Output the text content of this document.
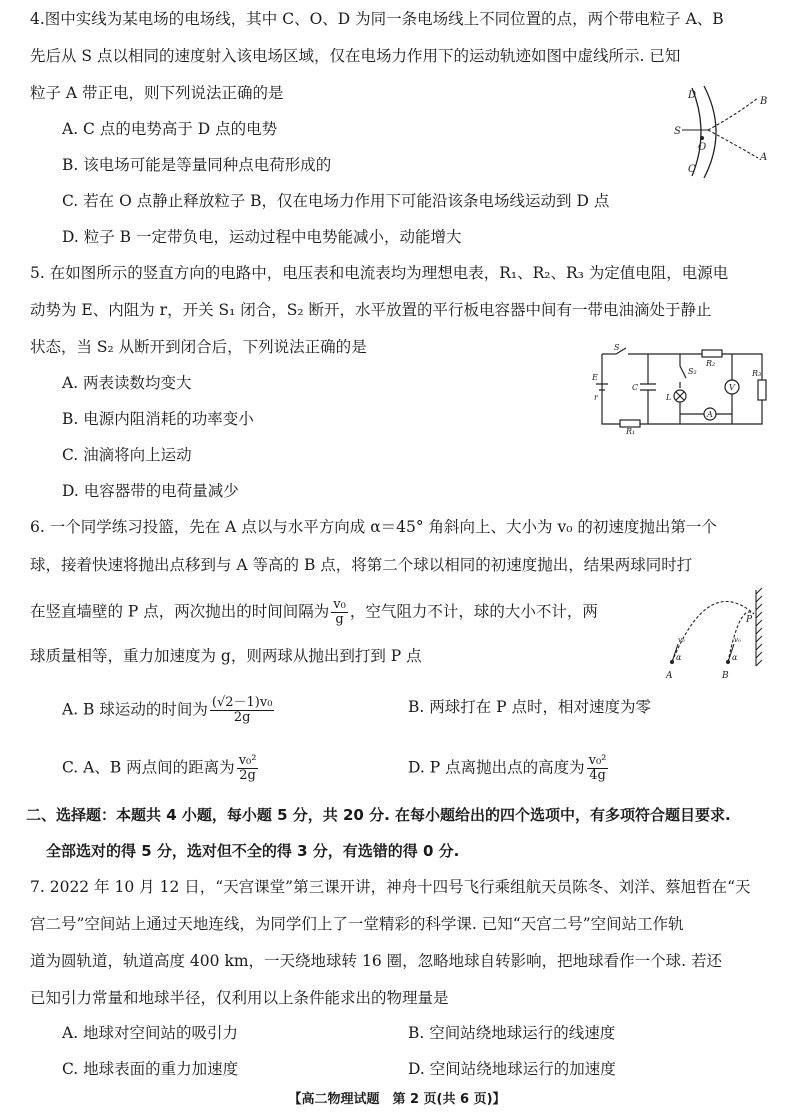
4.图中实线为某电场的电场线，其中 C、O、D 为同一条电场线上不同位置的点，两个带电粒子 A、B
先后从 S 点以相同的速度射入该电场区域，仅在电场力作用下的运动轨迹如图中虚线所示. 已知
粒子 A 带正电，则下列说法正确的是
A. C 点的电势高于 D 点的电势
B. 该电场可能是等量同种点电荷形成的
C. 若在 O 点静止释放粒子 B，仅在电场力作用下可能沿该条电场线运动到 D 点
D. 粒子 B 一定带负电，运动过程中电势能减小，动能增大
D
S
O
C
B
A
5. 在如图所示的竖直方向的电路中，电压表和电流表均为理想电表，R₁、R₂、R₃ 为定值电阻，电源电
动势为 E、内阻为 r，开关 S₁ 闭合，S₂ 断开，水平放置的平行板电容器中间有一带电油滴处于静止
状态，当 S₂ 从断开到闭合后，下列说法正确的是
A. 两表读数均变大
B. 电源内阻消耗的功率变小
C. 油滴将向上运动
D. 电容器带的电荷量减少
S
E
r
C
S₂
L
R₁
R₂
R₃
V
A
6. 一个同学练习投篮，先在 A 点以与水平方向成 α＝45° 角斜向上、大小为 v₀ 的初速度抛出第一个
球，接着快速将抛出点移到与 A 等高的 B 点，将第二个球以相同的初速度抛出，结果两球同时打
在竖直墙壁的 P 点，两次抛出的时间间隔为 $\frac{\text{v₀}}{g}$ ，空气阻力不计，球的大小不计，两
球质量相等，重力加速度为 g，则两球从抛出到打到 P 点
A. B 球运动的时间为 $\frac{\text{(√2－1)v₀}}{2g}$	B. 两球打在 P 点时，相对速度为零
C. A、B 两点间的距离为 $\frac{\text{v₀²}}{2g}$	D. P 点离抛出点的高度为 $\frac{\text{v₀²}}{4g}$
A	B
P
α	α
v₀	v₀
二、选择题：本题共 4 小题，每小题 5 分，共 20 分. 在每小题给出的四个选项中，有多项符合题目要求.
全部选对的得 5 分，选对但不全的得 3 分，有选错的得 0 分.
7. 2022 年 10 月 12 日，“天宫课堂”第三课开讲，神舟十四号飞行乘组航天员陈冬、刘洋、蔡旭哲在“天
宫二号”空间站上通过天地连线，为同学们上了一堂精彩的科学课. 已知“天宫二号”空间站工作轨
道为圆轨道，轨道高度 400 km，一天绕地球转 16 圈，忽略地球自转影响，把地球看作一个球. 若还
已知引力常量和地球半径，仅利用以上条件能求出的物理量是
A. 地球对空间站的吸引力	B. 空间站绕地球运行的线速度
C. 地球表面的重力加速度	D. 空间站绕地球运行的加速度
【高二物理试题　第 2 页(共 6 页)】
